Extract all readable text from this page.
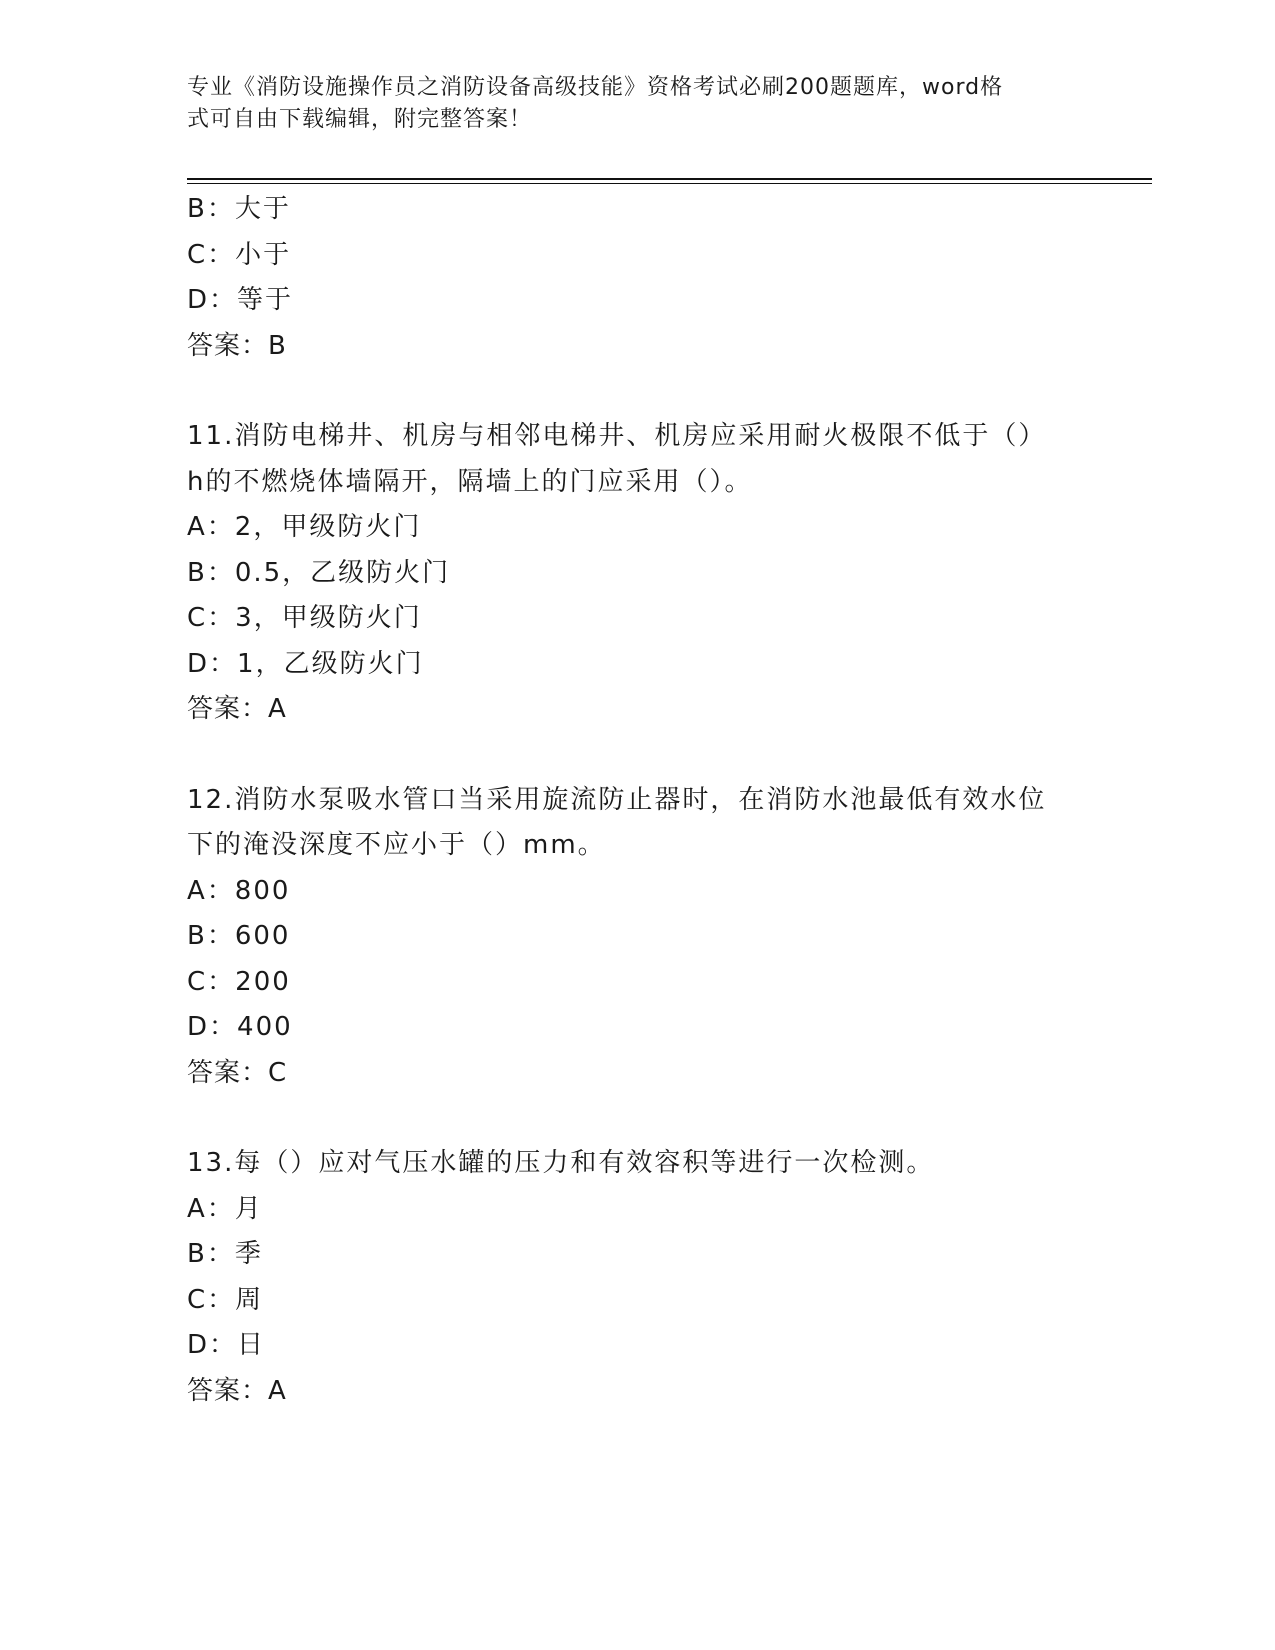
专业《消防设施操作员之消防设备高级技能》资格考试必刷200题题库，word格
式可自由下载编辑，附完整答案！
B：大于
C：小于
D：等于
答案：B
11.消防电梯井、机房与相邻电梯井、机房应采用耐火极限不低于（）
h的不燃烧体墙隔开，隔墙上的门应采用（）。
A：2，甲级防火门
B：0.5，乙级防火门
C：3，甲级防火门
D：1，乙级防火门
答案：A
12.消防水泵吸水管口当采用旋流防止器时，在消防水池最低有效水位
下的淹没深度不应小于（）mm。
A：800
B：600
C：200
D：400
答案：C
13.每（）应对气压水罐的压力和有效容积等进行一次检测。
A：月
B：季
C：周
D：日
答案：A
